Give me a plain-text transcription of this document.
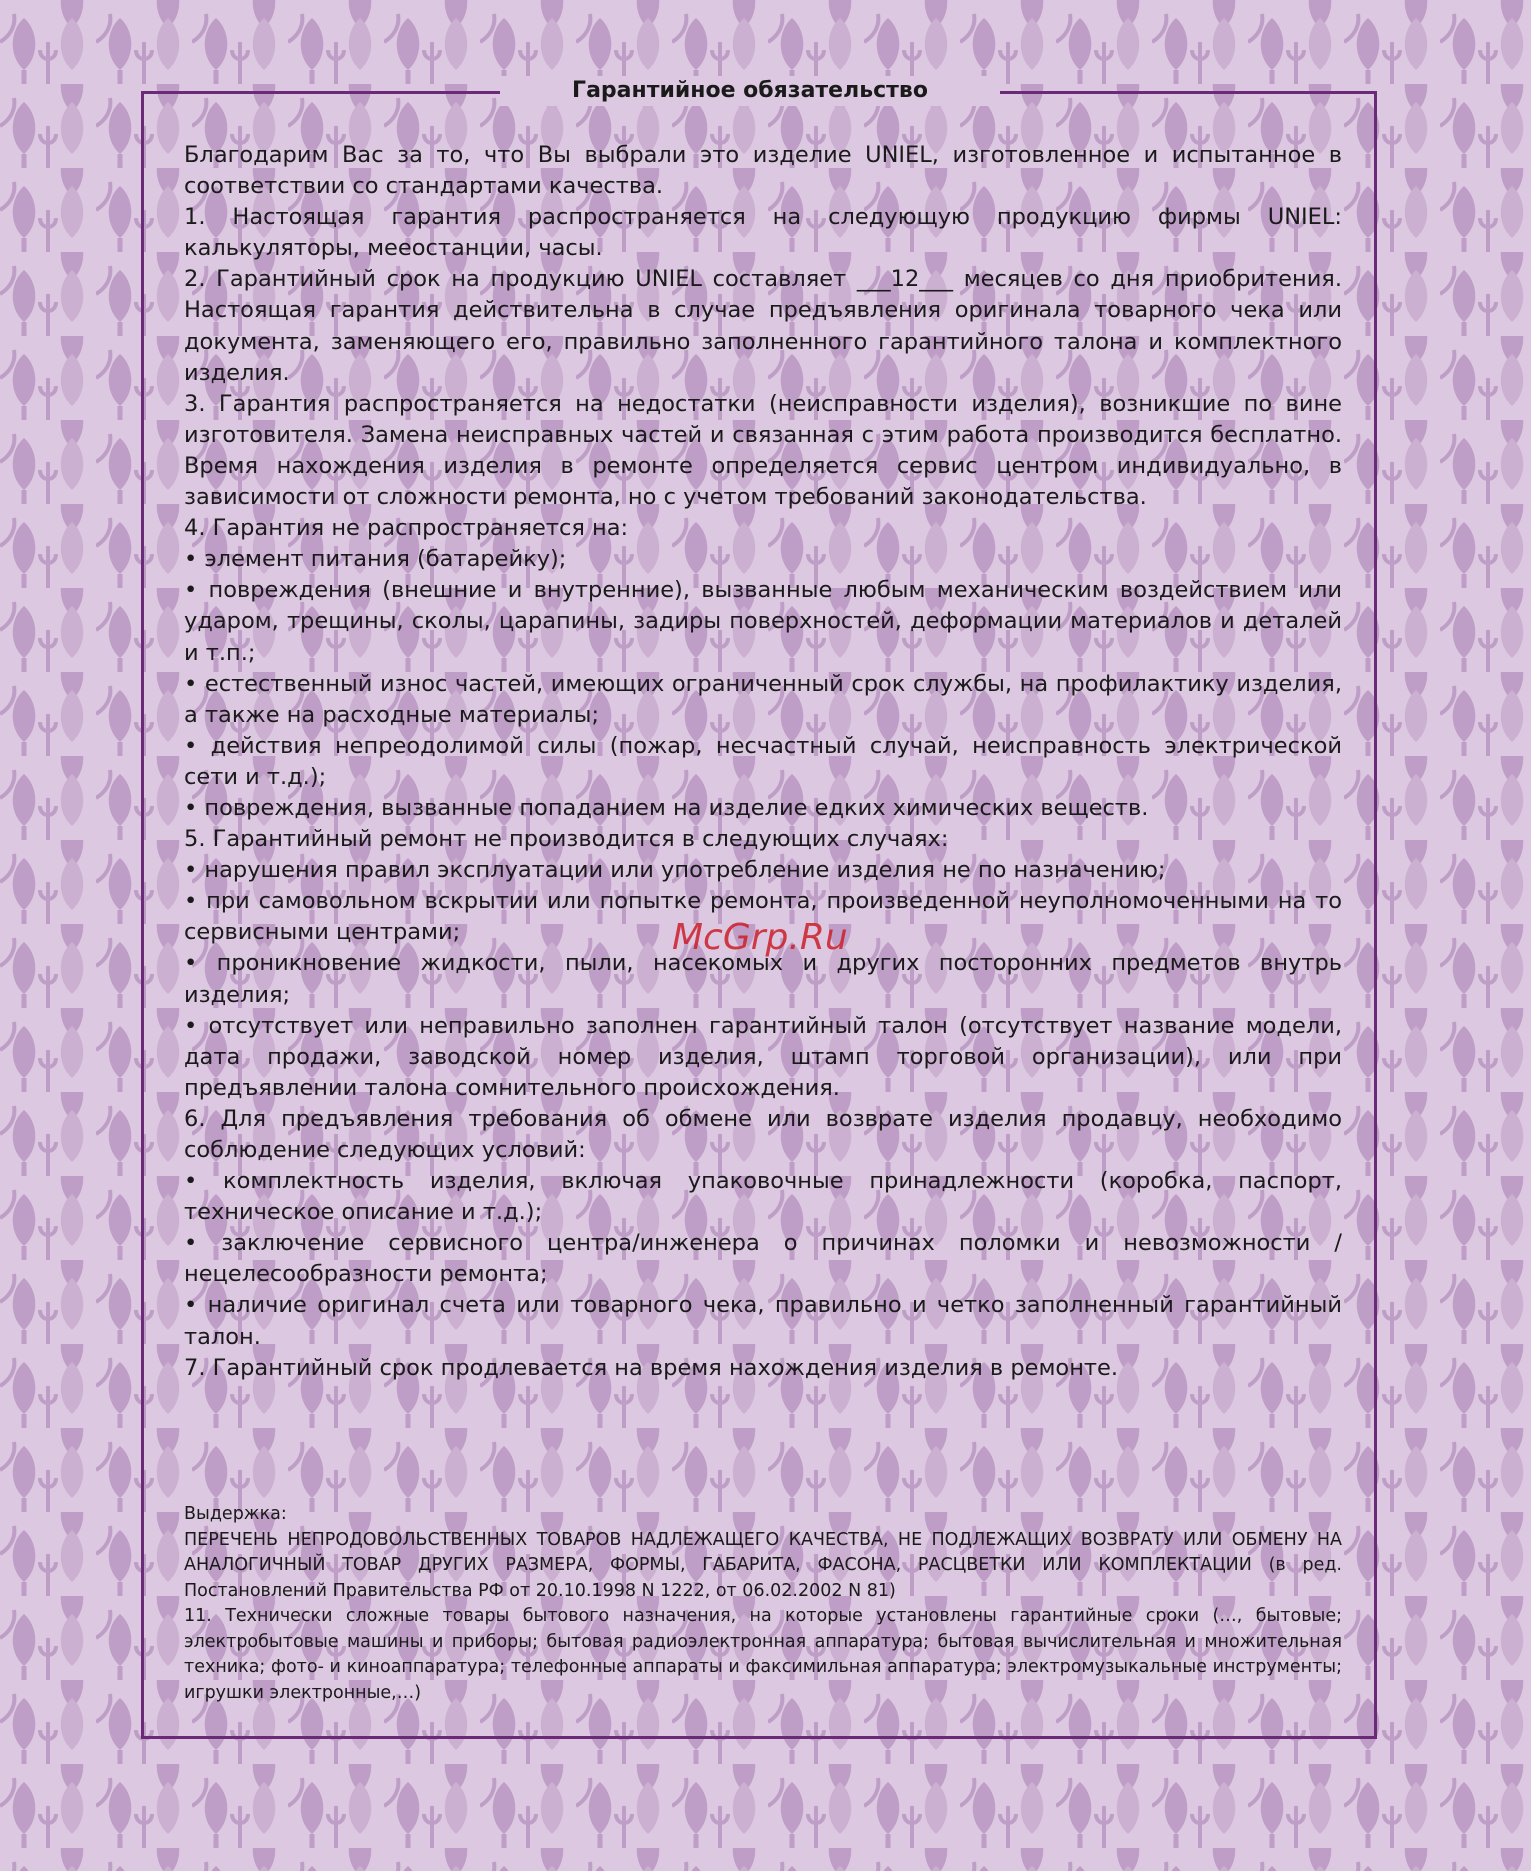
Гарантийное обязательство

Благодарим Вас за то, что Вы выбрали это изделие UNIEL, изготовленное и испытанное в соответствии со стандартами качества.

1. Настоящая гарантия распространяется на следующую продукцию фирмы UNIEL: калькуляторы, мееостанции, часы.

2. Гарантийный срок на продукцию UNIEL составляет ___12___ месяцев со дня приобритения. Настоящая гарантия действительна в случае предъявления оригинала товарного чека или документа, заменяющего его, правильно заполненного гарантийного талона и комплектного изделия.

3. Гарантия распространяется на недостатки (неисправности изделия), возникшие по вине изготовителя. Замена неисправных частей и связанная с этим работа производится бесплатно. Время нахождения изделия в ремонте определяется сервис центром индивидуально, в зависимости от сложности ремонта, но с учетом требований законодательства.

4. Гарантия не распространяется на:

• элемент питания (батарейку);

• повреждения (внешние и внутренние), вызванные любым механическим воздействием или ударом, трещины, сколы, царапины, задиры поверхностей, деформации материалов и деталей и т.п.;

• естественный износ частей, имеющих ограниченный срок службы, на профилактику изделия, а также на расходные материалы;

• действия непреодолимой силы (пожар, несчастный случай, неисправность электрической сети и т.д.);

• повреждения, вызванные попаданием на изделие едких химических веществ.

5. Гарантийный ремонт не производится в следующих случаях:

• нарушения правил эксплуатации или употребление изделия не по назначению;

• при самовольном вскрытии или попытке ремонта, произведенной неуполномоченными на то сервисными центрами;

• проникновение жидкости, пыли, насекомых и других посторонних предметов внутрь изделия;

• отсутствует или неправильно заполнен гарантийный талон (отсутствует название модели, дата продажи, заводской номер изделия, штамп торговой организации), или при предъявлении талона сомнительного происхождения.

6. Для предъявления требования об обмене или возврате изделия продавцу, необходимо соблюдение следующих условий:

• комплектность изделия, включая упаковочные принадлежности (коробка, паспорт, техническое описание и т.д.);

• заключение сервисного центра/инженера о причинах поломки и невозможности / нецелесообразности ремонта;

• наличие оригинал счета или товарного чека, правильно и четко заполненный гарантийный талон.

7. Гарантийный срок продлевается на время нахождения изделия в ремонте.

Выдержка:

ПЕРЕЧЕНЬ НЕПРОДОВОЛЬСТВЕННЫХ ТОВАРОВ НАДЛЕЖАЩЕГО КАЧЕСТВА, НЕ ПОДЛЕЖАЩИХ ВОЗВРАТУ ИЛИ ОБМЕНУ НА АНАЛОГИЧНЫЙ ТОВАР ДРУГИХ РАЗМЕРА, ФОРМЫ, ГАБАРИТА, ФАСОНА, РАСЦВЕТКИ ИЛИ КОМПЛЕКТАЦИИ (в ред. Постановлений Правительства РФ от 20.10.1998 N 1222, от 06.02.2002 N 81)

11. Технически сложные товары бытового назначения, на которые установлены гарантийные сроки (…, бытовые; электробытовые машины и приборы; бытовая радиоэлектронная аппаратура; бытовая вычислительная и множительная техника; фото- и киноаппаратура; телефонные аппараты и факсимильная аппаратура; электромузыкальные инструменты; игрушки электронные,…)

McGrp.Ru
